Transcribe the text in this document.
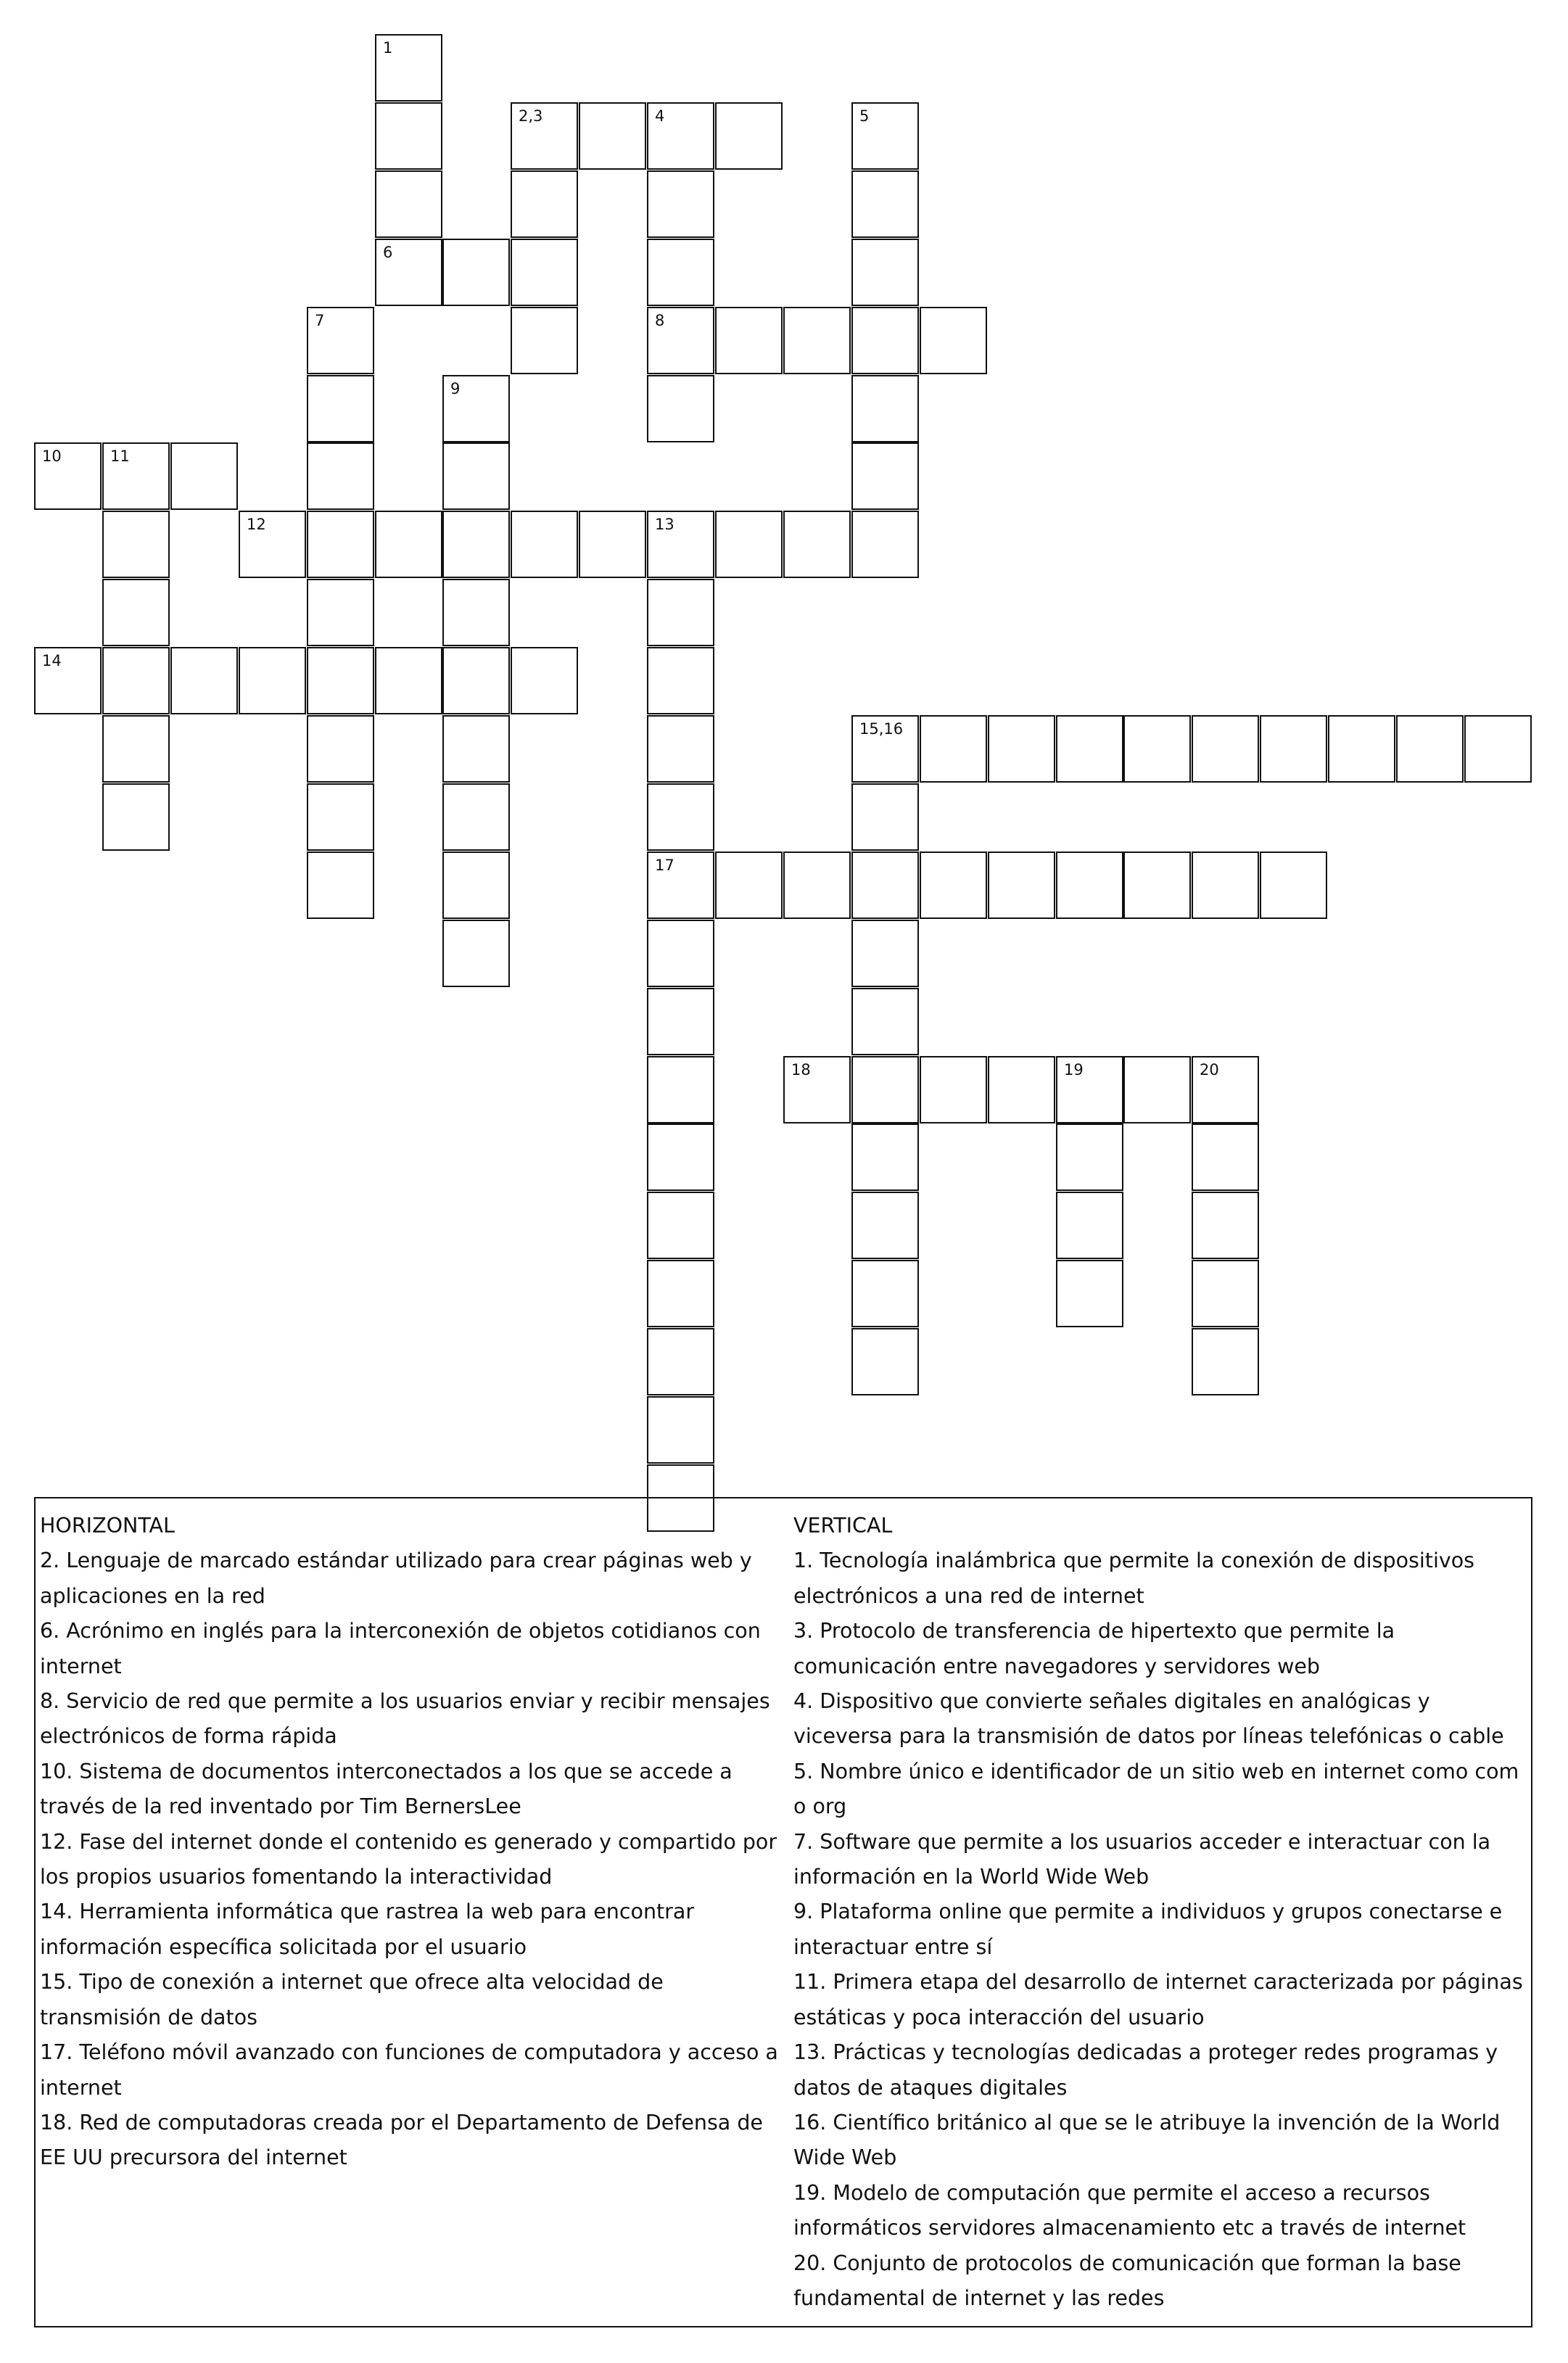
1
2,3	4	5
6
7	8
9
10	11
12	13
14
15,16
17
18	19	20

HORIZONTAL

2. Lenguaje de marcado estándar utilizado para crear páginas web y aplicaciones en la red

6. Acrónimo en inglés para la interconexión de objetos cotidianos con internet

8. Servicio de red que permite a los usuarios enviar y recibir mensajes electrónicos de forma rápida

10. Sistema de documentos interconectados a los que se accede a través de la red inventado por Tim BernersLee

12. Fase del internet donde el contenido es generado y compartido por los propios usuarios fomentando la interactividad

14. Herramienta informática que rastrea la web para encontrar información específica solicitada por el usuario

15. Tipo de conexión a internet que ofrece alta velocidad de transmisión de datos

17. Teléfono móvil avanzado con funciones de computadora y acceso a internet

18. Red de computadoras creada por el Departamento de Defensa de EE UU precursora del internet

VERTICAL

1. Tecnología inalámbrica que permite la conexión de dispositivos electrónicos a una red de internet

3. Protocolo de transferencia de hipertexto que permite la comunicación entre navegadores y servidores web

4. Dispositivo que convierte señales digitales en analógicas y viceversa para la transmisión de datos por líneas telefónicas o cable

5. Nombre único e identificador de un sitio web en internet como com o org

7. Software que permite a los usuarios acceder e interactuar con la información en la World Wide Web

9. Plataforma online que permite a individuos y grupos conectarse e interactuar entre sí

11. Primera etapa del desarrollo de internet caracterizada por páginas estáticas y poca interacción del usuario

13. Prácticas y tecnologías dedicadas a proteger redes programas y datos de ataques digitales

16. Científico británico al que se le atribuye la invención de la World Wide Web

19. Modelo de computación que permite el acceso a recursos informáticos servidores almacenamiento etc a través de internet

20. Conjunto de protocolos de comunicación que forman la base fundamental de internet y las redes
